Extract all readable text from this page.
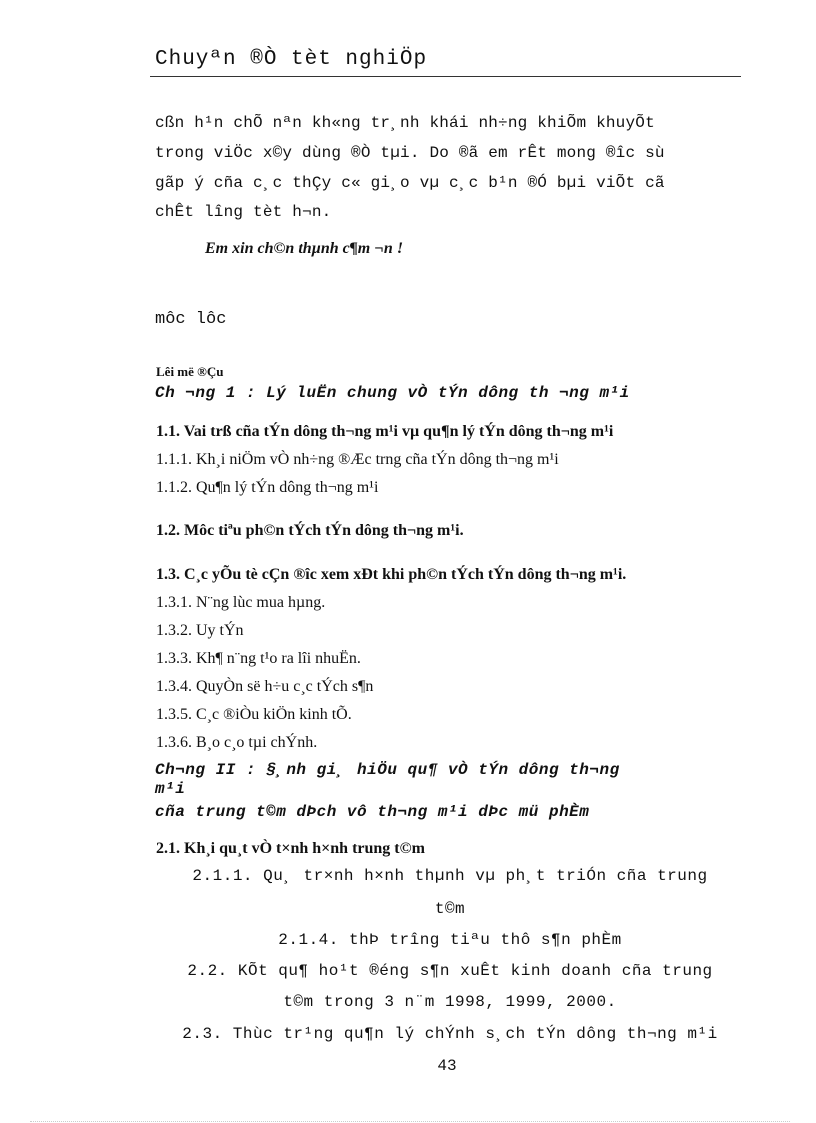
Chuyªn ®Ò tèt nghiÖp
cßn h¹n chÕ nªn kh«ng tr¸nh khái nh÷ng khiÕm khuyÕt
trong viÖc x©y dùng ®Ò tµi. Do ®ã em rÊt mong ®îc sù
gãp ý cña c¸c thÇy c« gi¸o vµ c¸c b¹n ®Ó bµi viÕt cã
chÊt lîng tèt h¬n.
Em xin ch©n thµnh c¶m ¬n !
môc lôc
Lêi më ®Çu
Ch ¬ng 1 : Lý luËn chung vÒ tÝn dông th ¬ng m¹i
1.1. Vai trß cña tÝn dông th¬ng m¹i vµ qu¶n lý tÝn dông th¬ng m¹i
1.1.1. Kh¸i niÖm vÒ nh÷ng ®Æc trng cña tÝn dông th¬ng m¹i
1.1.2. Qu¶n lý tÝn dông th¬ng m¹i
1.2. Môc tiªu ph©n tÝch tÝn dông th¬ng m¹i.
1.3. C¸c yÕu tè cÇn ®îc xem xÐt khi ph©n tÝch tÝn dông th¬ng m¹i.
1.3.1. N¨ng lùc mua hµng.
1.3.2. Uy tÝn
1.3.3. Kh¶ n¨ng t¹o ra lîi nhuËn.
1.3.4. QuyÒn së h÷u c¸c tÝch s¶n
1.3.5. C¸c ®iÒu kiÖn kinh tÕ.
1.3.6. B¸o c¸o tµi chÝnh.
Ch¬ng II : §¸nh gi¸ hiÖu qu¶ vÒ tÝn dông th¬ng
m¹i
cña trung t©m dÞch vô th¬ng m¹i dÞc mü phÈm
2.1. Kh¸i qu¸t vÒ t×nh h×nh trung t©m
2.1.1. Qu¸ tr×nh h×nh thµnh vµ ph¸t triÓn cña trung
t©m
2.1.4. thÞ trîng tiªu thô s¶n phÈm
2.2. KÕt qu¶ ho¹t ®éng s¶n xuÊt kinh doanh cña trung
t©m trong 3 n¨m 1998, 1999, 2000.
2.3. Thùc tr¹ng qu¶n lý chÝnh s¸ch tÝn dông th¬ng m¹i
43
